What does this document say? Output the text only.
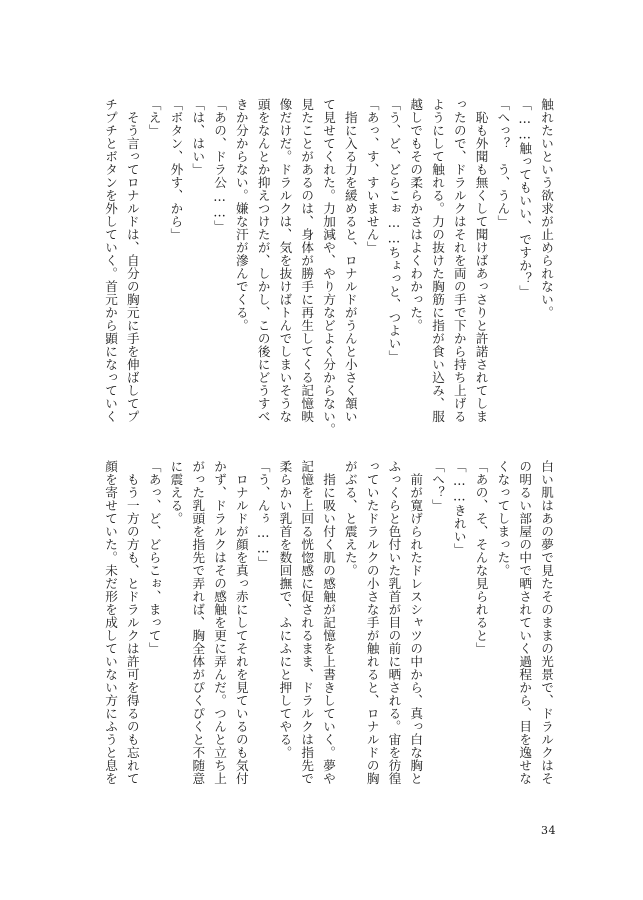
触れたいという欲求が止められない。

「……触ってもいい、ですか？」

「へっ？　う、うん」

　恥も外聞も無くして聞けばあっさりと許諾されてしま

ったので、ドラルクはそれを両の手で下から持ち上げる

ようにして触れる。力の抜けた胸筋に指が食い込み、服

越しでもその柔らかさはよくわかった。

「う、ど、どらこぉ……ちょっと、つよい」

「あっ、す、すいません」

　指に入る力を緩めると、ロナルドがうんと小さく頷い

て見せてくれた。力加減や、やり方などよく分からない。

見たことがあるのは、身体が勝手に再生してくる記憶映

像だけだ。ドラルクは、気を抜けばトんでしまいそうな

頭をなんとか抑えつけたが、しかし、この後にどうすべ

きか分からない。嫌な汗が滲んでくる。

「あの、ドラ公……」

「は、はい」

「ボタン、外す、から」

「え」

　そう言ってロナルドは、自分の胸元に手を伸ばしてプ

チプチとボタンを外していく。首元から顕になっていく

白い肌はあの夢で見たそのままの光景で、ドラルクはそ

の明るい部屋の中で晒されていく過程から、目を逸せな

くなってしまった。

「あの、そ、そんな見られると」

「……きれい」

「へ？」

　前が寛げられたドレスシャツの中から、真っ白な胸と

ふっくらと色付いた乳首が目の前に晒される。宙を彷徨

っていたドラルクの小さな手が触れると、ロナルドの胸

がぶる、と震えた。

　指に吸い付く肌の感触が記憶を上書きしていく。夢や

記憶を上回る恍惚感に促されるまま、ドラルクは指先で

柔らかい乳首を数回撫で、ふにふにと押してやる。

「う、んぅ……」

　ロナルドが顔を真っ赤にしてそれを見ているのも気付

かず、ドラルクはその感触を更に弄んだ。つんと立ち上

がった乳頭を指先で弄れば、胸全体がぴくぴくと不随意

に震える。

「あっ、ど、どらこぉ、まって」

　もう一方の方も、とドラルクは許可を得るのも忘れて

顔を寄せていた。未だ形を成していない方にふうと息を

34
